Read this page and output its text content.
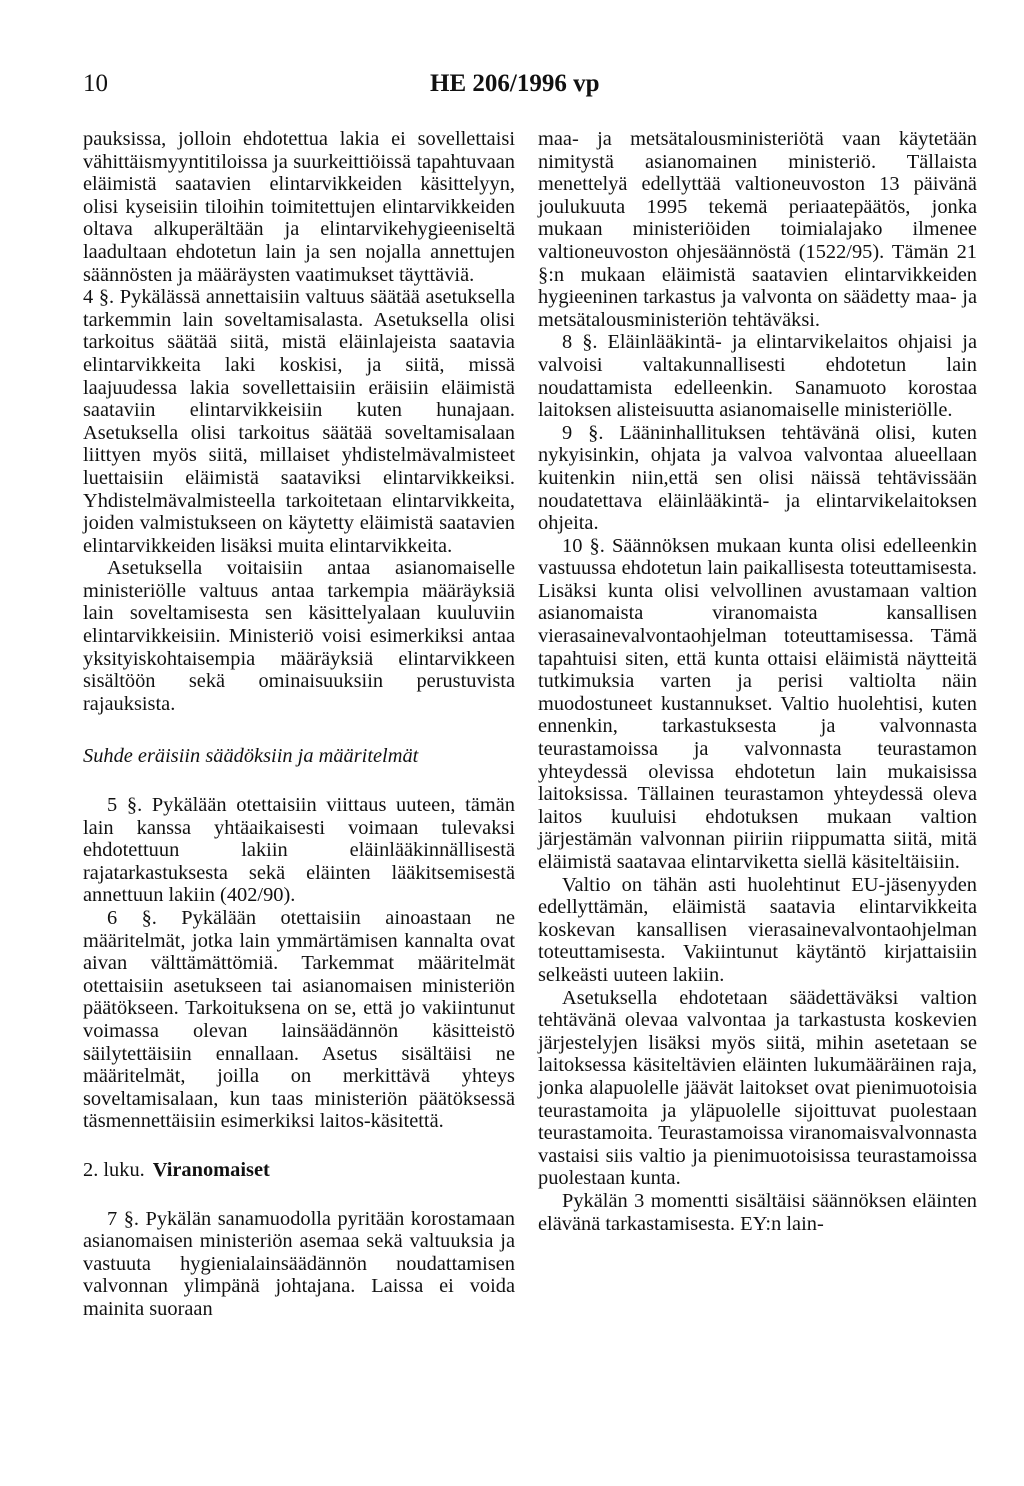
10	HE 206/1996 vp

pauksissa, jolloin ehdotettua lakia ei sovellettaisi vähittäismyyntitiloissa ja suurkeittiöissä tapahtuvaan eläimistä saatavien elintarvikkeiden käsittelyyn, olisi kyseisiin tiloihin toimitettujen elintarvikkeiden oltava alkuperältään ja elintarvikehygieeniseltä laadultaan ehdotetun lain ja sen nojalla annettujen säännösten ja määräysten vaatimukset täyttäviä.

4 §. Pykälässä annettaisiin valtuus säätää asetuksella tarkemmin lain soveltamisalasta. Asetuksella olisi tarkoitus säätää siitä, mistä eläinlajeista saatavia elintarvikkeita laki koskisi, ja siitä, missä laajuudessa lakia sovellettaisiin eräisiin eläimistä saataviin elintarvikkeisiin kuten hunajaan. Asetuksella olisi tarkoitus säätää soveltamisalaan liittyen myös siitä, millaiset yhdistelmävalmisteet luettaisiin eläimistä saataviksi elintarvikkeiksi. Yhdistelmävalmisteella tarkoitetaan elintarvikkeita, joiden valmistukseen on käytetty eläimistä saatavien elintarvikkeiden lisäksi muita elintarvikkeita.

Asetuksella voitaisiin antaa asianomaiselle ministeriölle valtuus antaa tarkempia määräyksiä lain soveltamisesta sen käsittelyalaan kuuluviin elintarvikkeisiin. Ministeriö voisi esimerkiksi antaa yksityiskohtaisempia määräyksiä elintarvikkeen sisältöön sekä ominaisuuksiin perustuvista rajauksista.

Suhde eräisiin säädöksiin ja määritelmät

5 §. Pykälään otettaisiin viittaus uuteen, tämän lain kanssa yhtäaikaisesti voimaan tulevaksi ehdotettuun lakiin eläinlääkinnällisestä rajatarkastuksesta sekä eläinten lääkitsemisestä annettuun lakiin (402/90).

6 §. Pykälään otettaisiin ainoastaan ne määritelmät, jotka lain ymmärtämisen kannalta ovat aivan välttämättömiä. Tarkemmat määritelmät otettaisiin asetukseen tai asianomaisen ministeriön päätökseen. Tarkoituksena on se, että jo vakiintunut voimassa olevan lainsäädännön käsitteistö säilytettäisiin ennallaan. Asetus sisältäisi ne määritelmät, joilla on merkittävä yhteys soveltamisalaan, kun taas ministeriön päätöksessä täsmennettäisiin esimerkiksi laitos-käsitettä.

2. luku. Viranomaiset

7 §. Pykälän sanamuodolla pyritään korostamaan asianomaisen ministeriön asemaa sekä valtuuksia ja vastuuta hygienialainsäädännön noudattamisen valvonnan ylimpänä johtajana. Laissa ei voida mainita suoraan

maa- ja metsätalousministeriötä vaan käytetään nimitystä asianomainen ministeriö. Tällaista menettelyä edellyttää valtioneuvoston 13 päivänä joulukuuta 1995 tekemä periaatepäätös, jonka mukaan ministeriöiden toimialajako ilmenee valtioneuvoston ohjesäännöstä (1522/95). Tämän 21 §:n mukaan eläimistä saatavien elintarvikkeiden hygieeninen tarkastus ja valvonta on säädetty maa- ja metsätalousministeriön tehtäväksi.

8 §. Eläinlääkintä- ja elintarvikelaitos ohjaisi ja valvoisi valtakunnallisesti ehdotetun lain noudattamista edelleenkin. Sanamuoto korostaa laitoksen alisteisuutta asianomaiselle ministeriölle.

9 §. Lääninhallituksen tehtävänä olisi, kuten nykyisinkin, ohjata ja valvoa valvontaa alueellaan kuitenkin niin,että sen olisi näissä tehtävissään noudatettava eläinlääkintä- ja elintarvikelaitoksen ohjeita.

10 §. Säännöksen mukaan kunta olisi edelleenkin vastuussa ehdotetun lain paikallisesta toteuttamisesta. Lisäksi kunta olisi velvollinen avustamaan valtion asianomaista viranomaista kansallisen vierasainevalvontaohjelman toteuttamisessa. Tämä tapahtuisi siten, että kunta ottaisi eläimistä näytteitä tutkimuksia varten ja perisi valtiolta näin muodostuneet kustannukset. Valtio huolehtisi, kuten ennenkin, tarkastuksesta ja valvonnasta teurastamoissa ja valvonnasta teurastamon yhteydessä olevissa ehdotetun lain mukaisissa laitoksissa. Tällainen teurastamon yhteydessä oleva laitos kuuluisi ehdotuksen mukaan valtion järjestämän valvonnan piiriin riippumatta siitä, mitä eläimistä saatavaa elintarviketta siellä käsiteltäisiin.

Valtio on tähän asti huolehtinut EU-jäsenyyden edellyttämän, eläimistä saatavia elintarvikkeita koskevan kansallisen vierasainevalvontaohjelman toteuttamisesta. Vakiintunut käytäntö kirjattaisiin selkeästi uuteen lakiin.

Asetuksella ehdotetaan säädettäväksi valtion tehtävänä olevaa valvontaa ja tarkastusta koskevien järjestelyjen lisäksi myös siitä, mihin asetetaan se laitoksessa käsiteltävien eläinten lukumääräinen raja, jonka alapuolelle jäävät laitokset ovat pienimuotoisia teurastamoita ja yläpuolelle sijoittuvat puolestaan teurastamoita. Teurastamoissa viranomaisvalvonnasta vastaisi siis valtio ja pienimuotoisissa teurastamoissa puolestaan kunta.

Pykälän 3 momentti sisältäisi säännöksen eläinten elävänä tarkastamisesta. EY:n lain-
